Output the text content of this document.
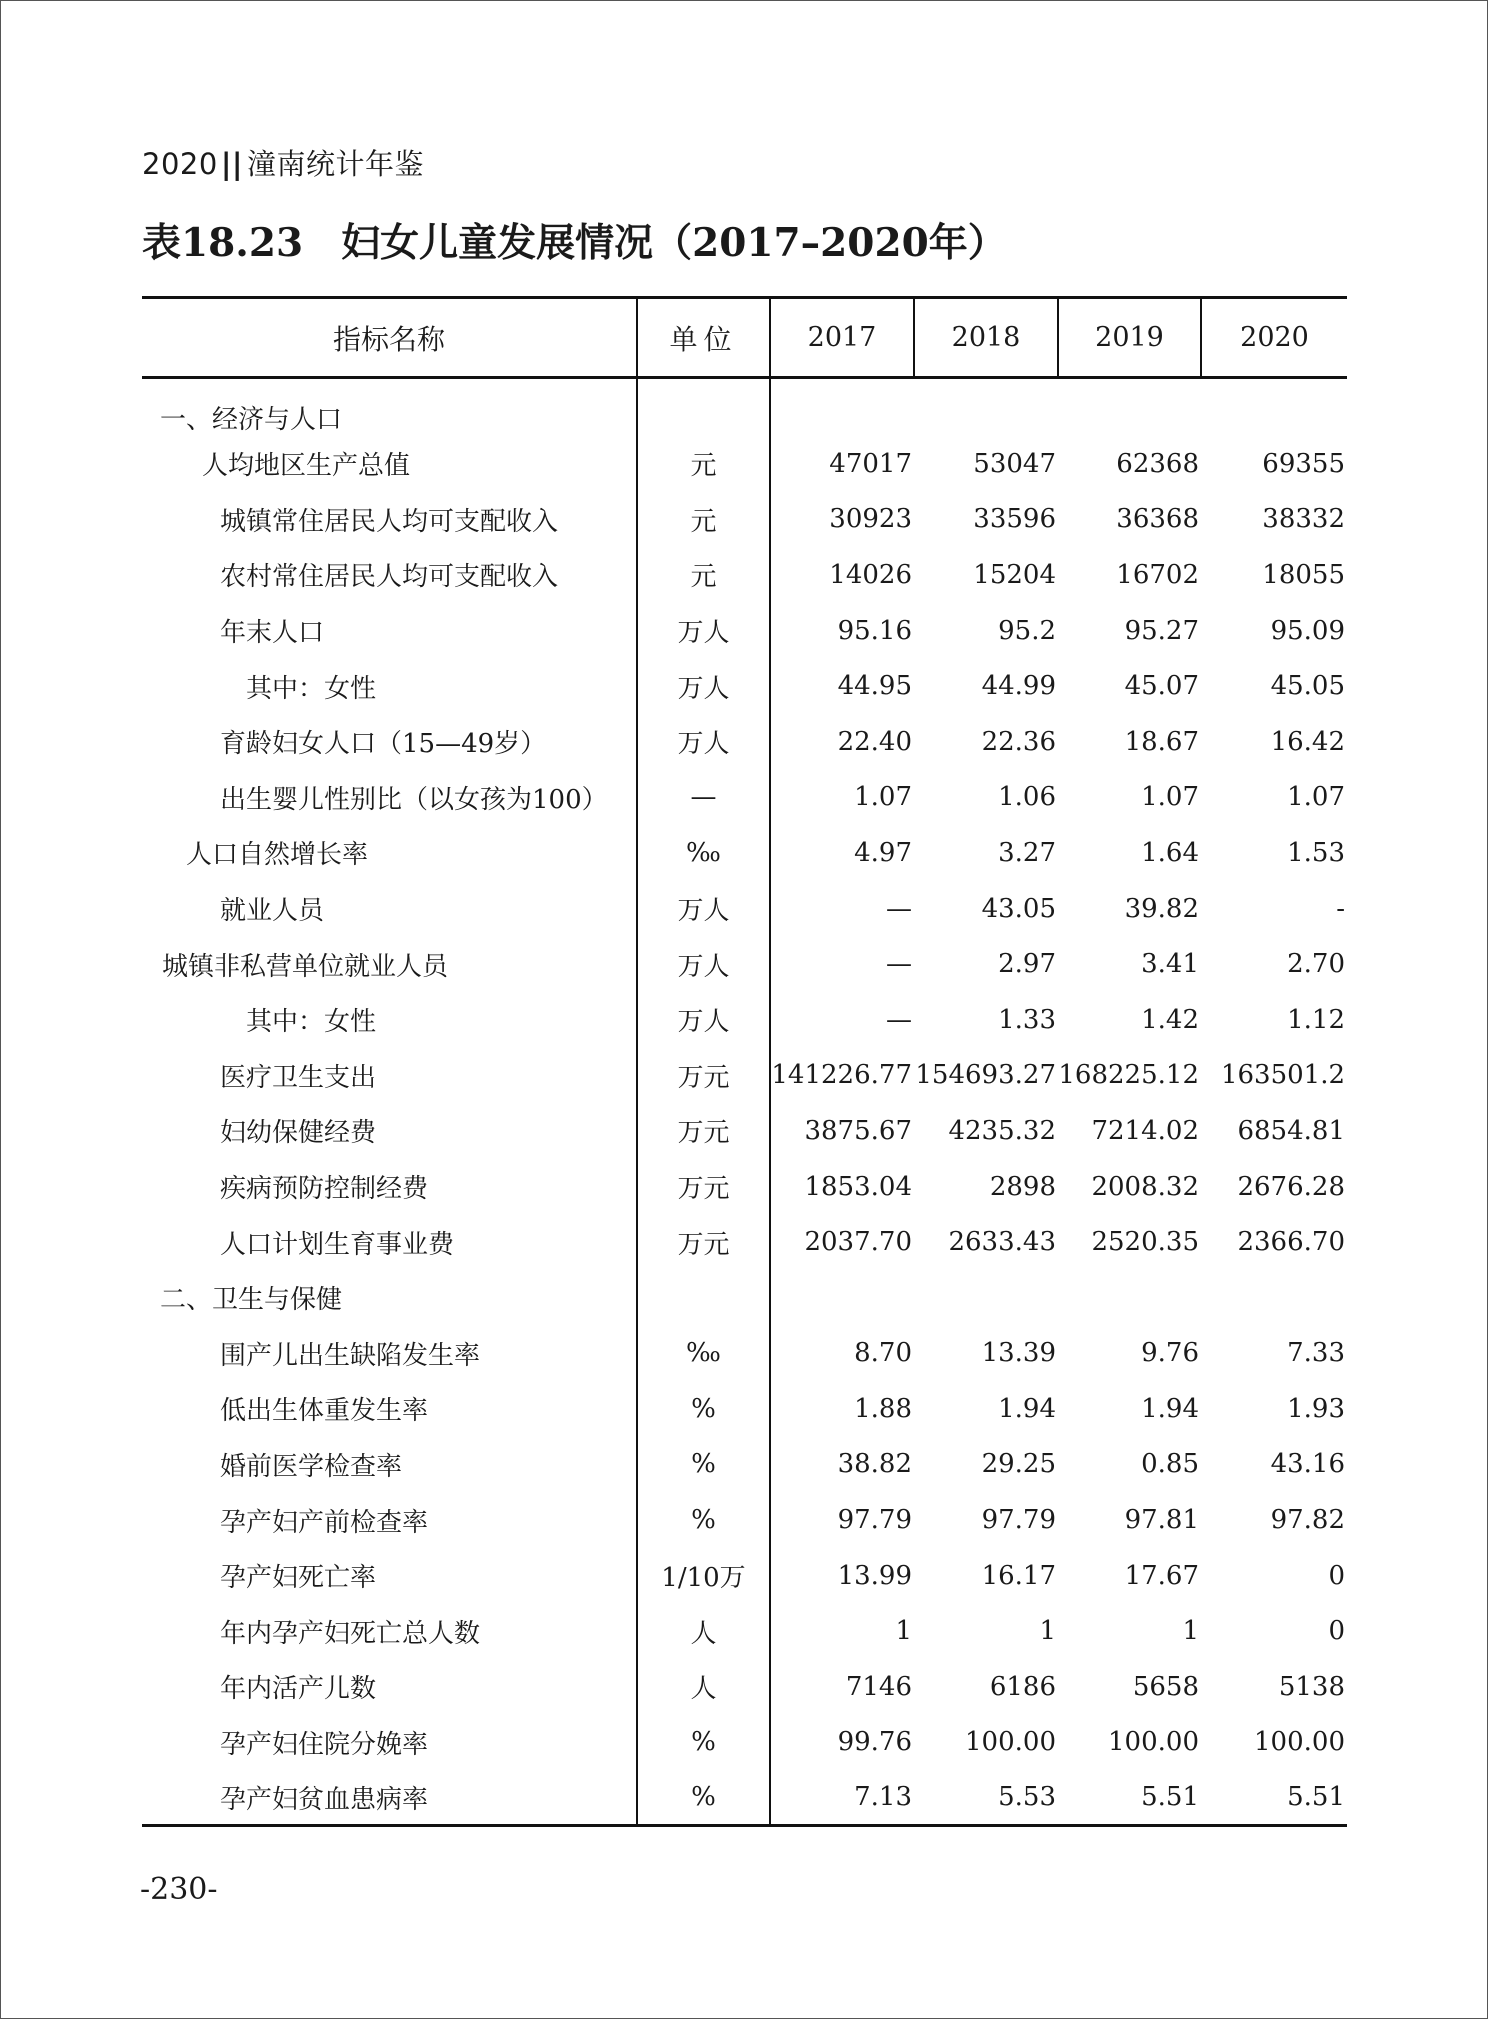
2020 || 潼南统计年鉴
表18.23 妇女儿童发展情况（2017–2020年）
指标名称	单位	2017	2018	2019	2020
一、经济与人口					
人均地区生产总值	元	47017	53047	62368	69355
城镇常住居民人均可支配收入	元	30923	33596	36368	38332
农村常住居民人均可支配收入	元	14026	15204	16702	18055
年末人口	万人	95.16	95.2	95.27	95.09
其中：女性	万人	44.95	44.99	45.07	45.05
育龄妇女人口（15—49岁）	万人	22.40	22.36	18.67	16.42
出生婴儿性别比（以女孩为100）	—	1.07	1.06	1.07	1.07
人口自然增长率	‰	4.97	3.27	1.64	1.53
就业人员	万人	—	43.05	39.82	-
城镇非私营单位就业人员	万人	—	2.97	3.41	2.70
其中：女性	万人	—	1.33	1.42	1.12
医疗卫生支出	万元	141226.77	154693.27	168225.12	163501.2
妇幼保健经费	万元	3875.67	4235.32	7214.02	6854.81
疾病预防控制经费	万元	1853.04	2898	2008.32	2676.28
人口计划生育事业费	万元	2037.70	2633.43	2520.35	2366.70
二、卫生与保健					
围产儿出生缺陷发生率	‰	8.70	13.39	9.76	7.33
低出生体重发生率	%	1.88	1.94	1.94	1.93
婚前医学检查率	%	38.82	29.25	0.85	43.16
孕产妇产前检查率	%	97.79	97.79	97.81	97.82
孕产妇死亡率	1/10万	13.99	16.17	17.67	0
年内孕产妇死亡总人数	人	1	1	1	0
年内活产儿数	人	7146	6186	5658	5138
孕产妇住院分娩率	%	99.76	100.00	100.00	100.00
孕产妇贫血患病率	%	7.13	5.53	5.51	5.51
-230-
